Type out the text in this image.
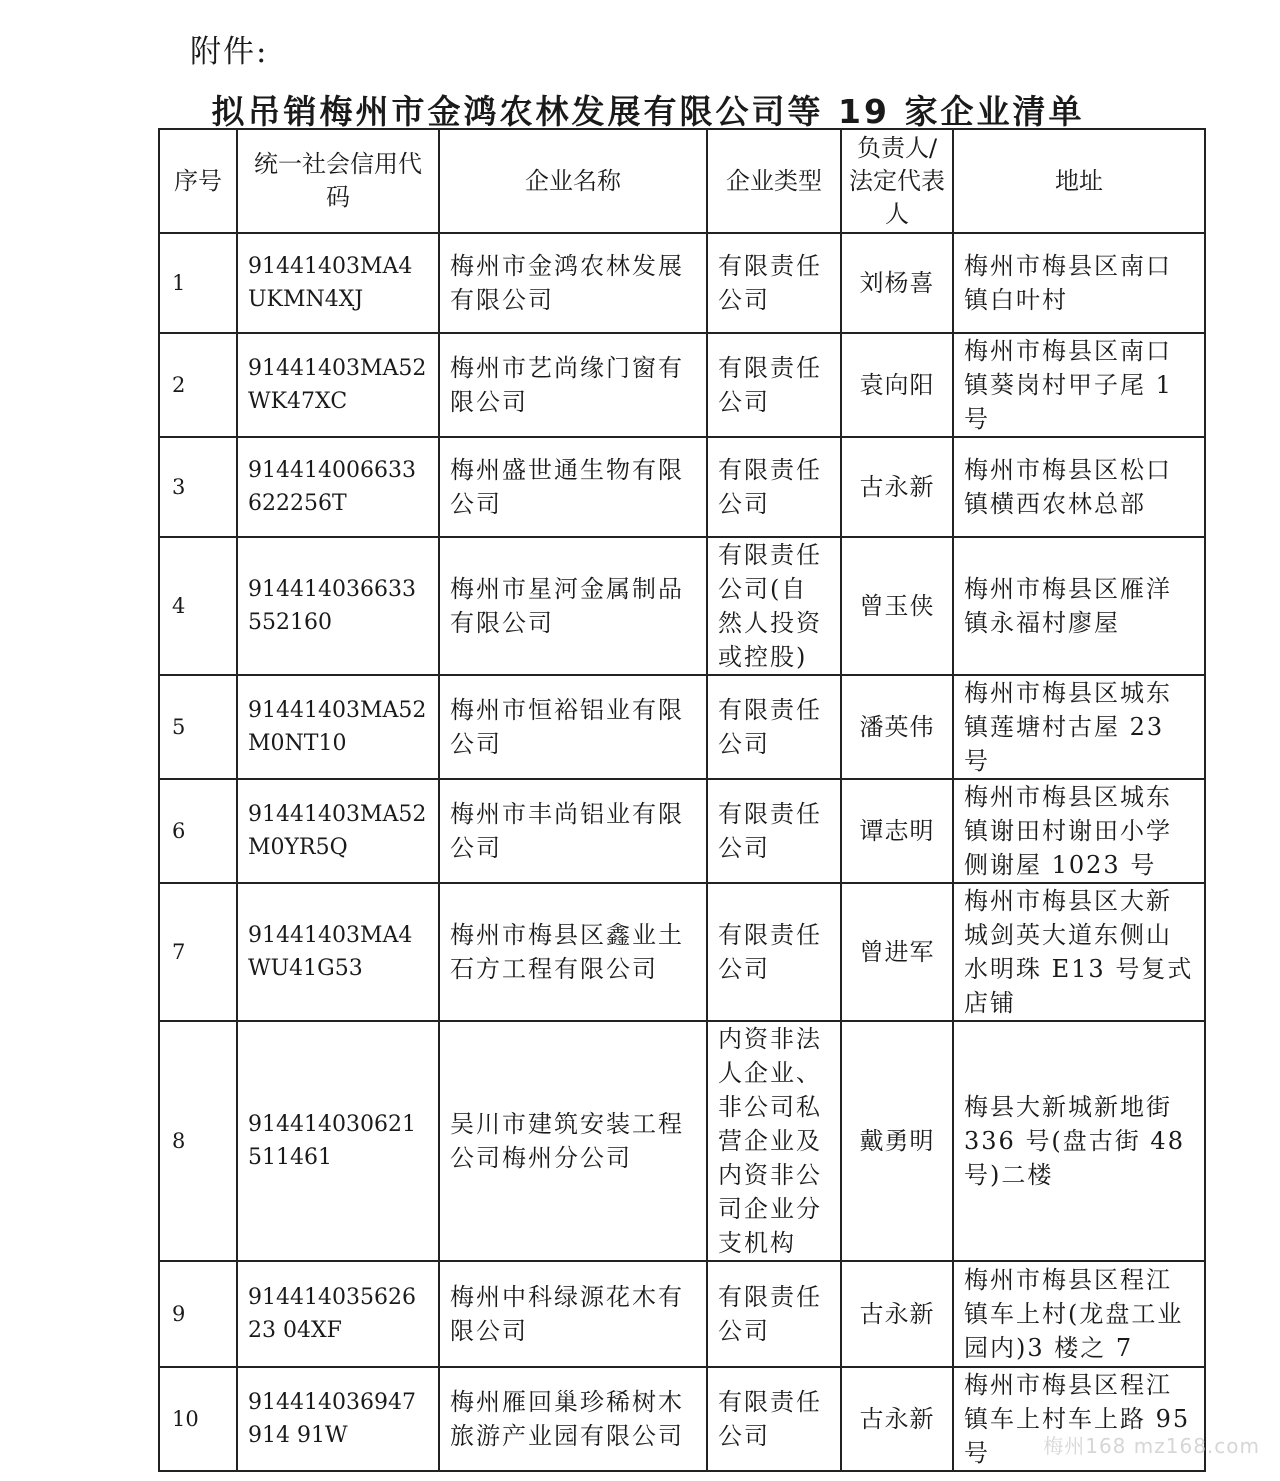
附件:
拟吊销梅州市金鸿农林发展有限公司等 19 家企业清单
序号	统一社会信用代码	企业名称	企业类型	负责人/法定代表人	地址
1	91441403MA4UKMN4XJ	梅州市金鸿农林发展有限公司	有限责任公司	刘杨喜	梅州市梅县区南口镇白叶村
2	91441403MA52WK47XC	梅州市艺尚缘门窗有限公司	有限责任公司	袁向阳	梅州市梅县区南口镇葵岗村甲子尾 1号
3	914414006633622256T	梅州盛世通生物有限公司	有限责任公司	古永新	梅州市梅县区松口镇横西农林总部
4	914414036633552160	梅州市星河金属制品有限公司	有限责任公司(自然人投资或控股)	曾玉侠	梅州市梅县区雁洋镇永福村廖屋
5	91441403MA52M0NT10	梅州市恒裕铝业有限公司	有限责任公司	潘英伟	梅州市梅县区城东镇莲塘村古屋 23 号
6	91441403MA52M0YR5Q	梅州市丰尚铝业有限公司	有限责任公司	谭志明	梅州市梅县区城东镇谢田村谢田小学侧谢屋 1023 号
7	91441403MA4WU41G53	梅州市梅县区鑫业土石方工程有限公司	有限责任公司	曾进军	梅州市梅县区大新城剑英大道东侧山水明珠 E13 号复式店铺
8	914414030621511461	吴川市建筑安装工程公司梅州分公司	内资非法人企业、非公司私营企业及内资非公司企业分支机构	戴勇明	梅县大新城新地街 336 号(盘古街 48 号)二楼
9	91441403562623 04XF	梅州中科绿源花木有限公司	有限责任公司	古永新	梅州市梅县区程江镇车上村(龙盘工业园内)3 楼之 7
10	914414036947914 91W	梅州雁回巢珍稀树木旅游产业园有限公司	有限责任公司	古永新	梅州市梅县区程江镇车上村车上路 95 号	梅州168 mz168.com
